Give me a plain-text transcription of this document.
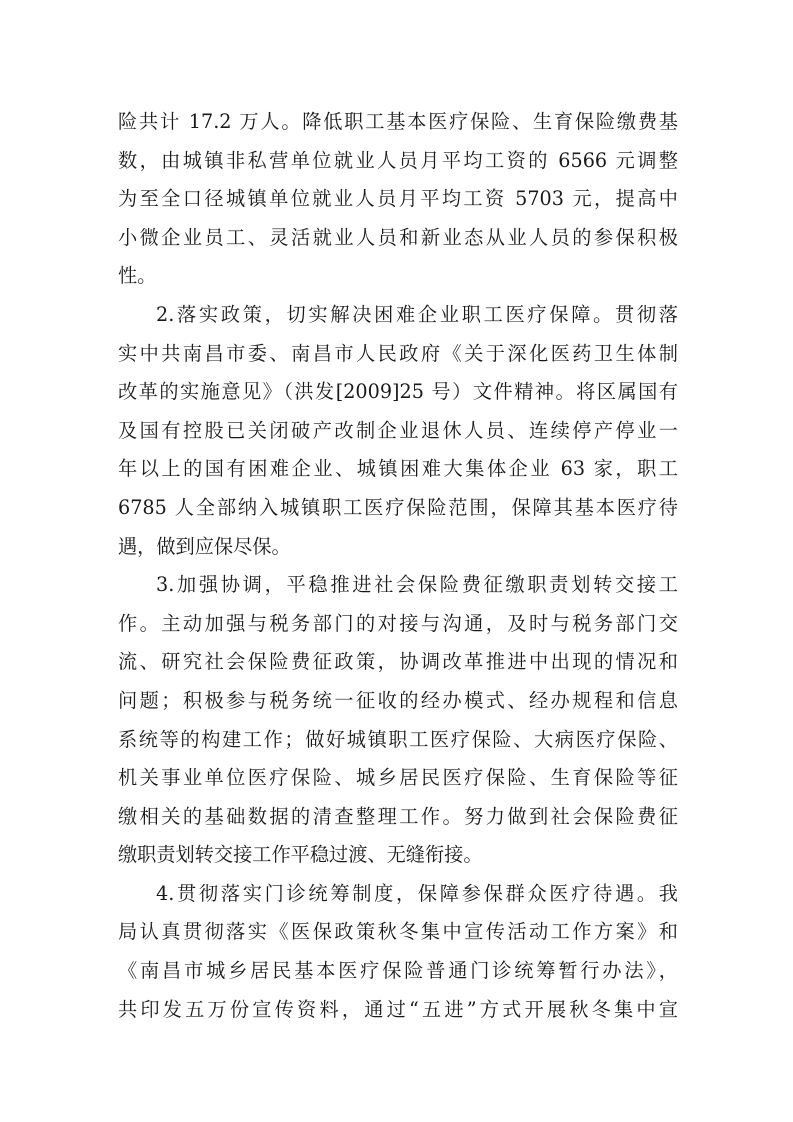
险共计 17.2 万人。降低职工基本医疗保险、生育保险缴费基
数，由城镇非私营单位就业人员月平均工资的 6566 元调整
为至全口径城镇单位就业人员月平均工资 5703 元，提高中
小微企业员工、灵活就业人员和新业态从业人员的参保积极
性。
2.落实政策，切实解决困难企业职工医疗保障。贯彻落
实中共南昌市委、南昌市人民政府《关于深化医药卫生体制
改革的实施意见》（洪发[2009]25 号）文件精神。将区属国有
及国有控股已关闭破产改制企业退休人员、连续停产停业一
年以上的国有困难企业、城镇困难大集体企业 63 家，职工
6785 人全部纳入城镇职工医疗保险范围，保障其基本医疗待
遇，做到应保尽保。
3.加强协调，平稳推进社会保险费征缴职责划转交接工
作。主动加强与税务部门的对接与沟通，及时与税务部门交
流、研究社会保险费征政策，协调改革推进中出现的情况和
问题；积极参与税务统一征收的经办模式、经办规程和信息
系统等的构建工作；做好城镇职工医疗保险、大病医疗保险、
机关事业单位医疗保险、城乡居民医疗保险、生育保险等征
缴相关的基础数据的清查整理工作。努力做到社会保险费征
缴职责划转交接工作平稳过渡、无缝衔接。
4.贯彻落实门诊统筹制度，保障参保群众医疗待遇。我
局认真贯彻落实《医保政策秋冬集中宣传活动工作方案》和
《南昌市城乡居民基本医疗保险普通门诊统筹暂行办法》，
共印发五万份宣传资料，通过“五进”方式开展秋冬集中宣
